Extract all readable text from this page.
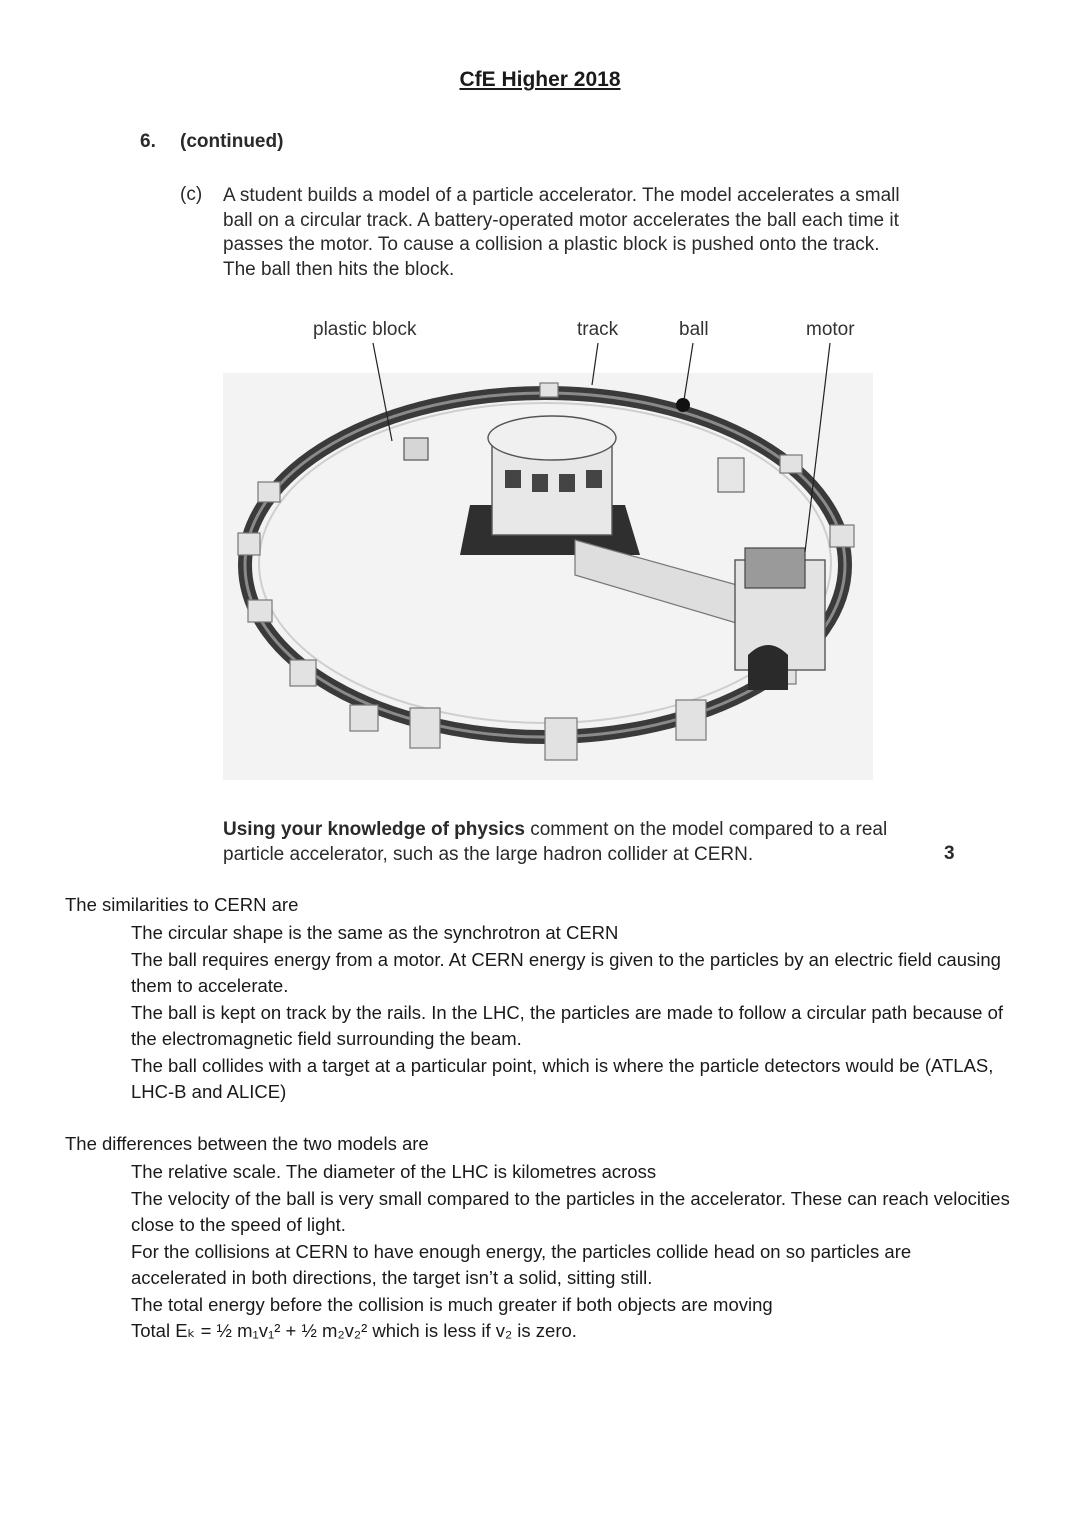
CfE Higher 2018
6. (continued)
(c) A student builds a model of a particle accelerator. The model accelerates a small ball on a circular track. A battery-operated motor accelerates the ball each time it passes the motor. To cause a collision a plastic block is pushed onto the track. The ball then hits the block.
plastic block	track	ball	motor
Using your knowledge of physics comment on the model compared to a real particle accelerator, such as the large hadron collider at CERN.	3
The similarities to CERN are
The circular shape is the same as the synchrotron at CERN
The ball requires energy from a motor. At CERN energy is given to the particles by an electric field causing them to accelerate.
The ball is kept on track by the rails. In the LHC, the particles are made to follow a circular path because of the electromagnetic field surrounding the beam.
The ball collides with a target at a particular point, which is where the particle detectors would be (ATLAS, LHC-B and ALICE)
The differences between the two models are
The relative scale. The diameter of the LHC is kilometres across
The velocity of the ball is very small compared to the particles in the accelerator. These can reach velocities close to the speed of light.
For the collisions at CERN to have enough energy, the particles collide head on so particles are accelerated in both directions, the target isn’t a solid, sitting still.
The total energy before the collision is much greater if both objects are moving
Total Eₖ = ½ m₁v₁² + ½ m₂v₂² which is less if v₂ is zero.
